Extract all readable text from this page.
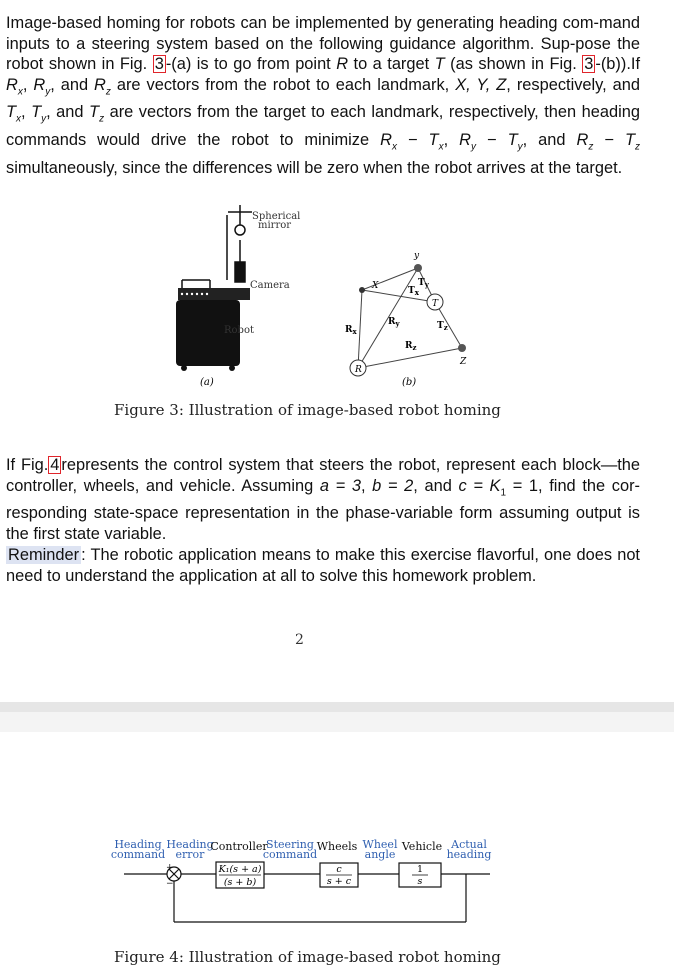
Image-based homing for robots can be implemented by generating heading com-mand inputs to a steering system based on the following guidance algorithm. Sup-pose the robot shown in Fig. 3 -(a) is to go from point R to a target T (as shown in Fig. 3 -(b)).If $R_x$, $R_y$, and $R_z$ are vectors from the robot to each landmark, X, Y, Z, respectively, and $T_x$, $T_y$, and $T_z$ are vectors from the target to each landmark, respectively, then heading commands would drive the robot to minimize $R_x - T_x$, $R_y - T_y$, and $R_z - T_z$ simultaneously, since the differences will be zero when the robot arrives at the target.
Spherical
mirror
Camera
Robot
(a)
R
T
X
y
Z
$R_x$
$R_y$
$R_z$
$T_x$
$T_y$
$T_z$
(b)
Figure 3: Illustration of image-based robot homing
If Fig. 4 represents the control system that steers the robot, represent each block—the controller, wheels, and vehicle. Assuming a = 3, b = 2, and $c = K_1 = 1$, find the cor-responding state-space representation in the phase-variable form assuming output is the first state variable.
Reminder : The robotic application means to make this exercise flavorful, one does not need to understand the application at all to solve this homework problem.
2
Heading
command
Heading
error
Controller
Steering
command
Wheels Wheel
angle
Vehicle Actual
heading
+
−
K₁(s + a)
(s + b)
c
s + c
1
s
Figure 4: Illustration of image-based robot homing
